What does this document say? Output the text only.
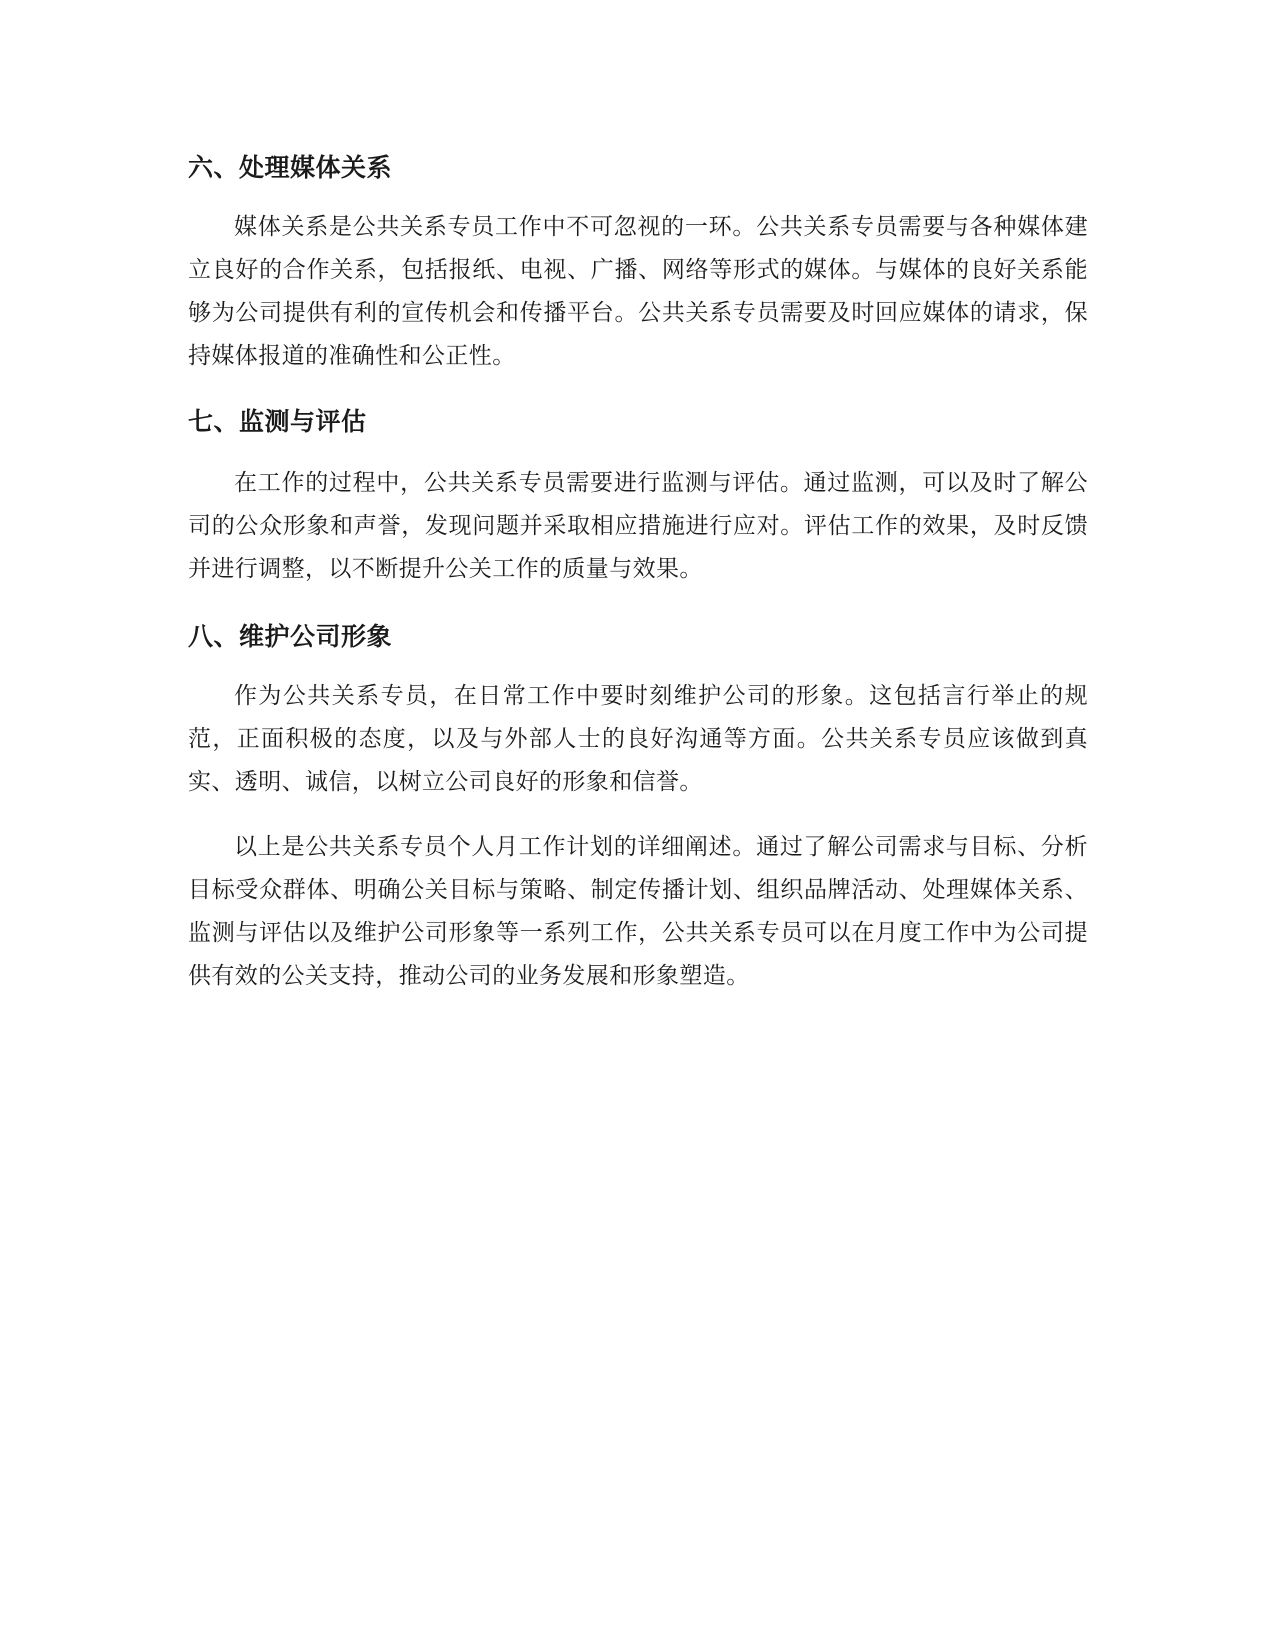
六、处理媒体关系

媒体关系是公共关系专员工作中不可忽视的一环。公共关系专员需要与各种媒体建立良好的合作关系，包括报纸、电视、广播、网络等形式的媒体。与媒体的良好关系能够为公司提供有利的宣传机会和传播平台。公共关系专员需要及时回应媒体的请求，保持媒体报道的准确性和公正性。

七、监测与评估

在工作的过程中，公共关系专员需要进行监测与评估。通过监测，可以及时了解公司的公众形象和声誉，发现问题并采取相应措施进行应对。评估工作的效果，及时反馈并进行调整，以不断提升公关工作的质量与效果。

八、维护公司形象

作为公共关系专员，在日常工作中要时刻维护公司的形象。这包括言行举止的规范，正面积极的态度，以及与外部人士的良好沟通等方面。公共关系专员应该做到真实、透明、诚信，以树立公司良好的形象和信誉。

以上是公共关系专员个人月工作计划的详细阐述。通过了解公司需求与目标、分析目标受众群体、明确公关目标与策略、制定传播计划、组织品牌活动、处理媒体关系、监测与评估以及维护公司形象等一系列工作，公共关系专员可以在月度工作中为公司提供有效的公关支持，推动公司的业务发展和形象塑造。
